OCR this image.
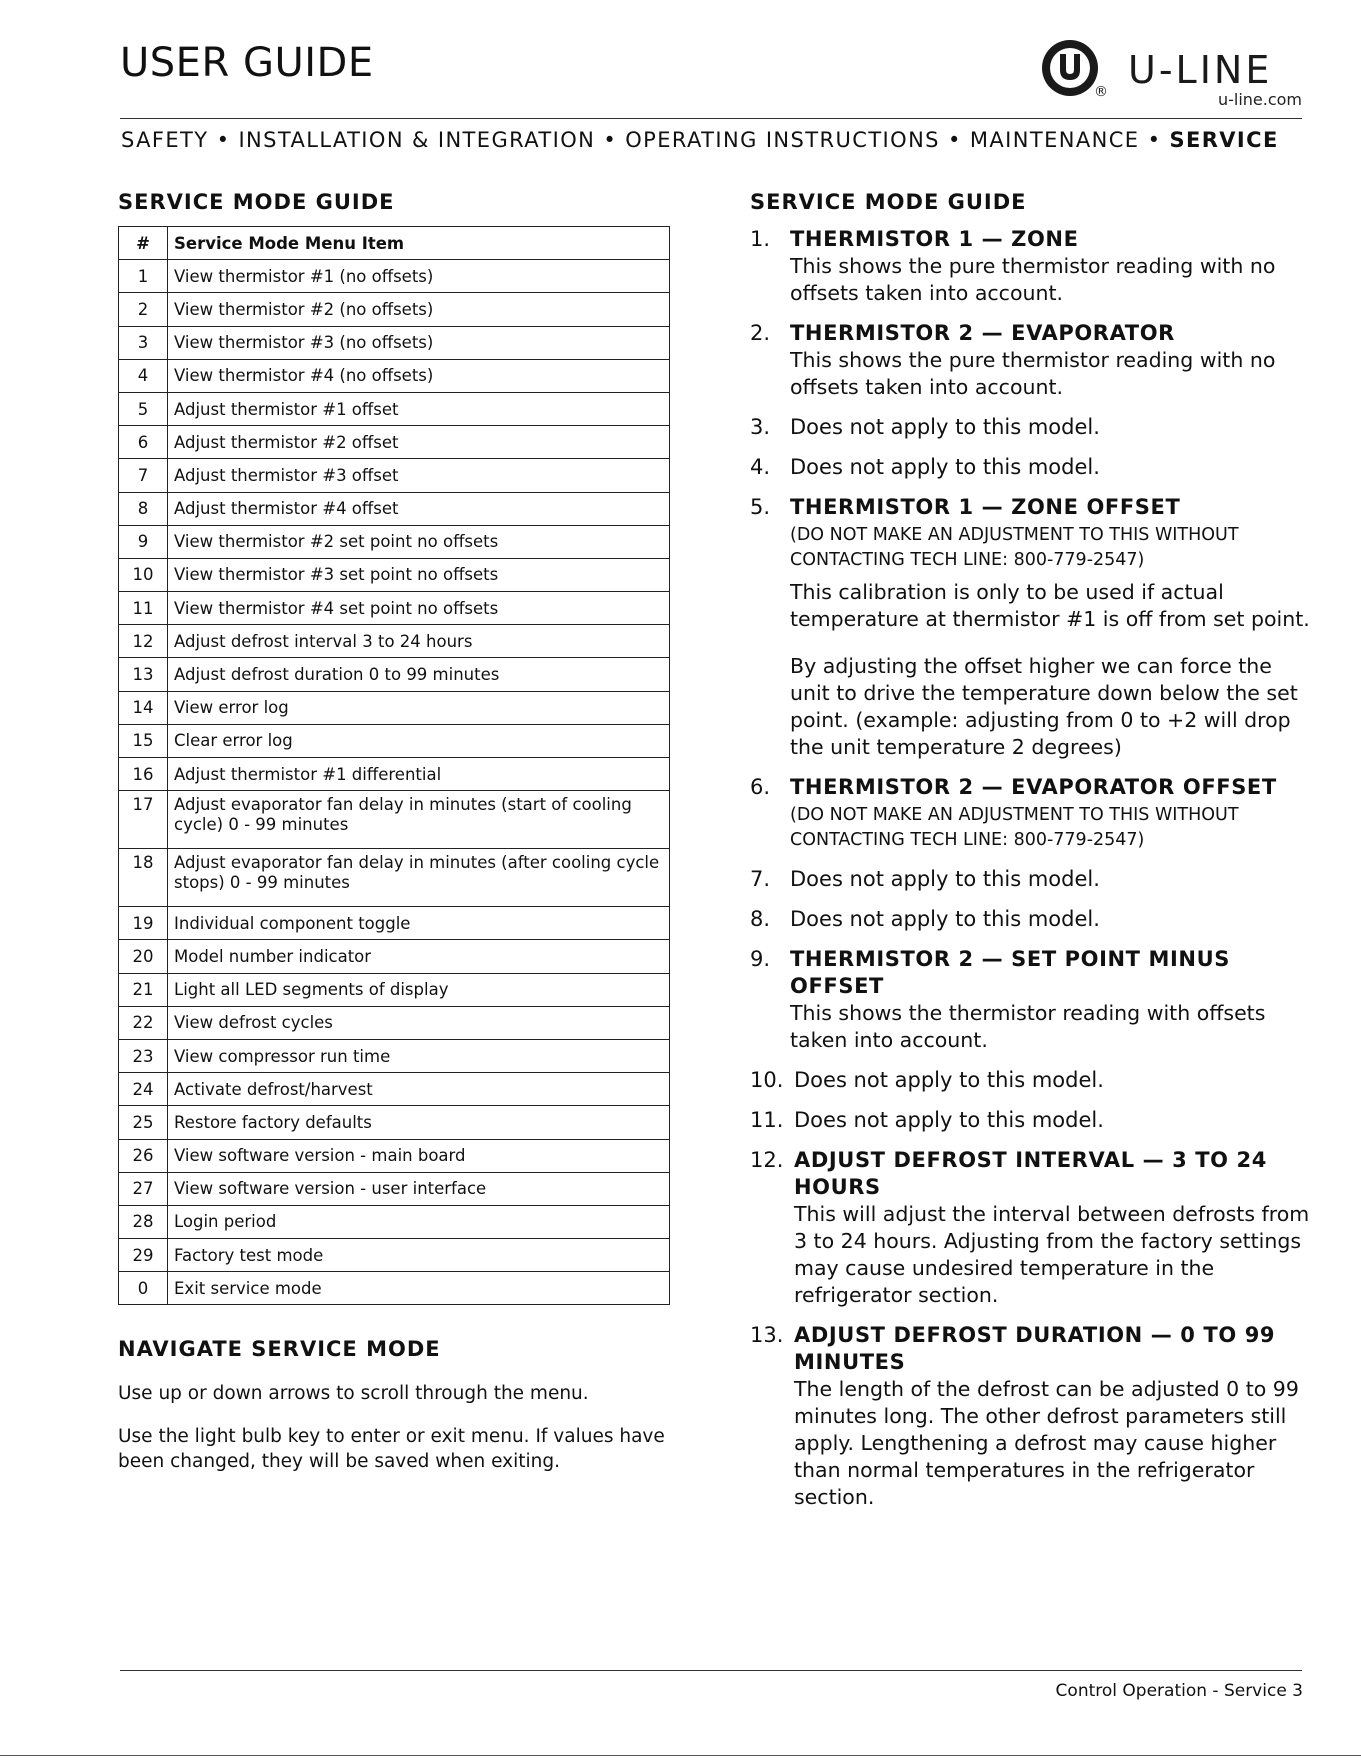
USER GUIDE
® U-LINE
u-line.com
SAFETY • INSTALLATION & INTEGRATION • OPERATING INSTRUCTIONS • MAINTENANCE • SERVICE
SERVICE MODE GUIDE
#	Service Mode Menu Item
1	View thermistor #1 (no offsets)
2	View thermistor #2 (no offsets)
3	View thermistor #3 (no offsets)
4	View thermistor #4 (no offsets)
5	Adjust thermistor #1 offset
6	Adjust thermistor #2 offset
7	Adjust thermistor #3 offset
8	Adjust thermistor #4 offset
9	View thermistor #2 set point no offsets
10	View thermistor #3 set point no offsets
11	View thermistor #4 set point no offsets
12	Adjust defrost interval 3 to 24 hours
13	Adjust defrost duration 0 to 99 minutes
14	View error log
15	Clear error log
16	Adjust thermistor #1 differential
17	Adjust evaporator fan delay in minutes (start of cooling cycle) 0 - 99 minutes
18	Adjust evaporator fan delay in minutes (after cooling cycle stops) 0 - 99 minutes
19	Individual component toggle
20	Model number indicator
21	Light all LED segments of display
22	View defrost cycles
23	View compressor run time
24	Activate defrost/harvest
25	Restore factory defaults
26	View software version - main board
27	View software version - user interface
28	Login period
29	Factory test mode
0	Exit service mode
NAVIGATE SERVICE MODE

Use up or down arrows to scroll through the menu.

Use the light bulb key to enter or exit menu. If values have been changed, they will be saved when exiting.

SERVICE MODE GUIDE
1. THERMISTOR 1 — ZONE

This shows the pure thermistor reading with no offsets taken into account.

2. THERMISTOR 2 — EVAPORATOR

This shows the pure thermistor reading with no offsets taken into account.

3. Does not apply to this model.
4. Does not apply to this model.
5. THERMISTOR 1 — ZONE OFFSET
(DO NOT MAKE AN ADJUSTMENT TO THIS WITHOUT CONTACTING TECH LINE: 800-779-2547)

This calibration is only to be used if actual temperature at thermistor #1 is off from set point.

By adjusting the offset higher we can force the unit to drive the temperature down below the set point. (example: adjusting from 0 to +2 will drop the unit temperature 2 degrees)

6. THERMISTOR 2 — EVAPORATOR OFFSET
(DO NOT MAKE AN ADJUSTMENT TO THIS WITHOUT CONTACTING TECH LINE: 800-779-2547)
7. Does not apply to this model.
8. Does not apply to this model.
9. THERMISTOR 2 — SET POINT MINUS OFFSET

This shows the thermistor reading with offsets taken into account.

10. Does not apply to this model.
11. Does not apply to this model.
12. ADJUST DEFROST INTERVAL — 3 TO 24 HOURS

This will adjust the interval between defrosts from 3 to 24 hours. Adjusting from the factory settings may cause undesired temperature in the refrigerator section.

13. ADJUST DEFROST DURATION — 0 TO 99 MINUTES

The length of the defrost can be adjusted 0 to 99 minutes long. The other defrost parameters still apply. Lengthening a defrost may cause higher than normal temperatures in the refrigerator section.

Control Operation - Service 3
